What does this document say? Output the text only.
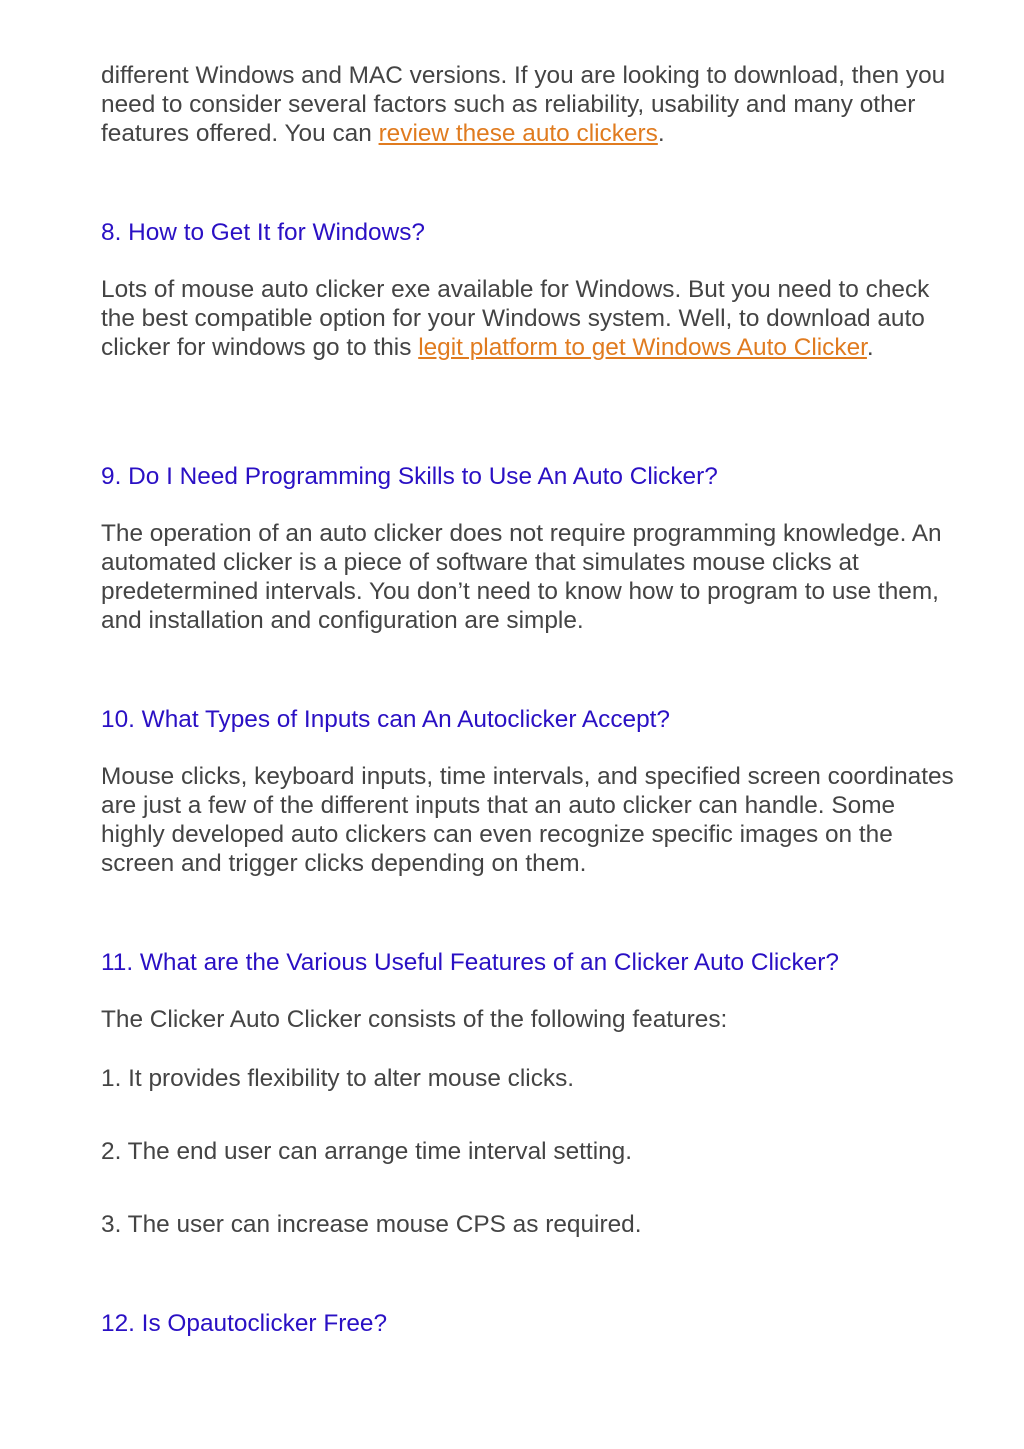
different Windows and MAC versions. If you are looking to download, then you need to consider several factors such as reliability, usability and many other features offered. You can review these auto clickers.

8. How to Get It for Windows?

Lots of mouse auto clicker exe available for Windows. But you need to check the best compatible option for your Windows system. Well, to download auto clicker for windows go to this legit platform to get Windows Auto Clicker.

9. Do I Need Programming Skills to Use An Auto Clicker?

The operation of an auto clicker does not require programming knowledge. An automated clicker is a piece of software that simulates mouse clicks at predetermined intervals. You don’t need to know how to program to use them, and installation and configuration are simple.

10. What Types of Inputs can An Autoclicker Accept?

Mouse clicks, keyboard inputs, time intervals, and specified screen coordinates are just a few of the different inputs that an auto clicker can handle. Some highly developed auto clickers can even recognize specific images on the screen and trigger clicks depending on them.

11. What are the Various Useful Features of an Clicker Auto Clicker?

The Clicker Auto Clicker consists of the following features:

1. It provides flexibility to alter mouse clicks.

2. The end user can arrange time interval setting.

3. The user can increase mouse CPS as required.

12. Is Opautoclicker Free?
